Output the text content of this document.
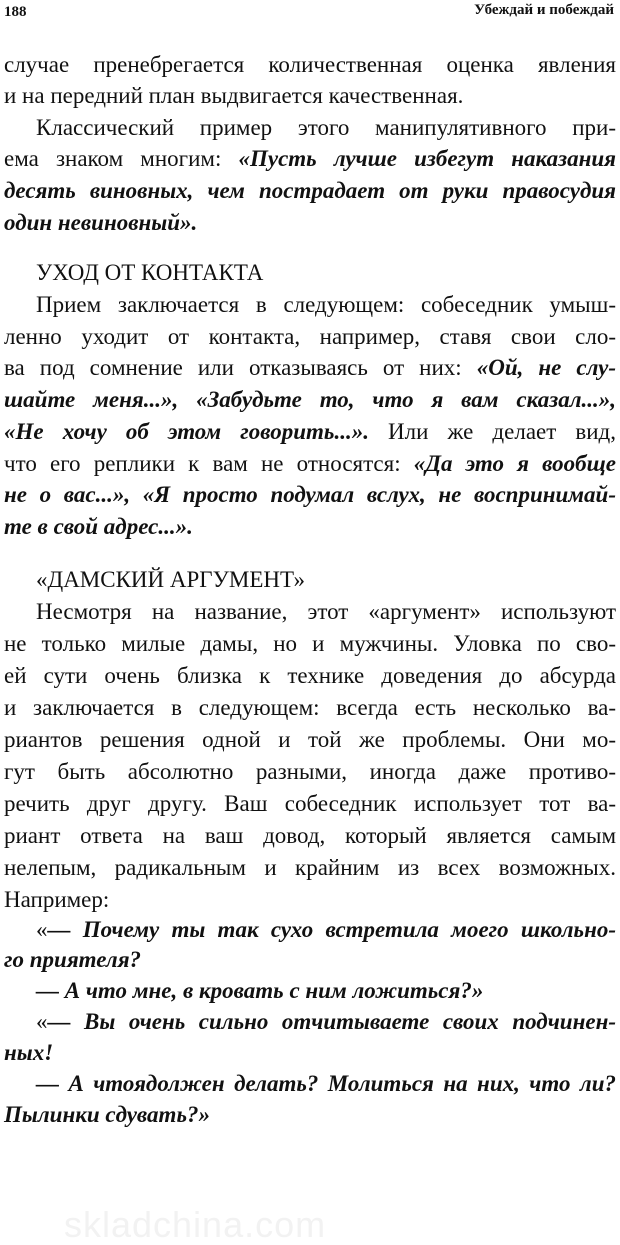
188	Убеждай и побеждай
случае пренебрегается количественная оценка явления
и на передний план выдвигается качественная.
Классический пример этого манипулятивного при-
ема знаком многим: «Пусть лучше избегут наказания
десять виновных, чем пострадает от руки правосудия
один невиновный».
УХОД ОТ КОНТАКТА
Прием заключается в следующем: собеседник умыш-
ленно уходит от контакта, например, ставя свои сло-
ва под сомнение или отказываясь от них: «Ой, не слу-
шайте меня...», «Забудьте то, что я вам сказал...»,
«Не хочу об этом говорить...». Или же делает вид,
что его реплики к вам не относятся: «Да это я вообще
не о вас...», «Я просто подумал вслух, не воспринимай-
те в свой адрес...».
«ДАМСКИЙ АРГУМЕНТ»
Несмотря на название, этот «аргумент» используют
не только милые дамы, но и мужчины. Уловка по сво-
ей сути очень близка к технике доведения до абсурда
и заключается в следующем: всегда есть несколько ва-
риантов решения одной и той же проблемы. Они мо-
гут быть абсолютно разными, иногда даже противо-
речить друг другу. Ваш собеседник использует тот ва-
риант ответа на ваш довод, который является самым
нелепым, радикальным и крайним из всех возможных.
Например:
«— Почему ты так сухо встретила моего школьно-
го приятеля?
— А что мне, в кровать с ним ложиться?»
«— Вы очень сильно отчитываете своих подчинен-
ных!
— А чтоядолжен делать? Молиться на них, что ли?
Пылинки сдувать?»
skladchina.com
